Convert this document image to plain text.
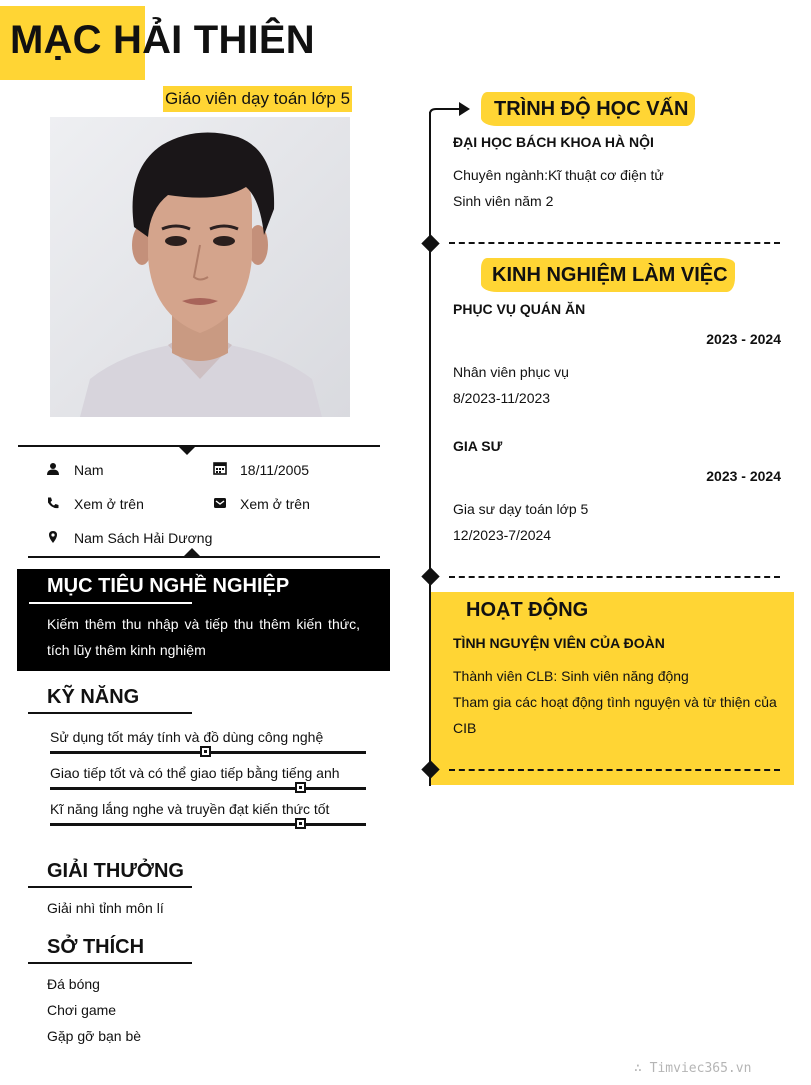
MẠC HẢI THIÊN
Giáo viên dạy toán lớp 5
Nam	18/11/2005
Xem ở trên	Xem ở trên
Nam Sách Hải Dương
MỤC TIÊU NGHỀ NGHIỆP
Kiếm thêm thu nhập và tiếp thu thêm kiến thức, tích lũy thêm kinh nghiệm
KỸ NĂNG
Sử dụng tốt máy tính và đồ dùng công nghệ
Giao tiếp tốt và có thể giao tiếp bằng tiếng anh
Kĩ năng lắng nghe và truyền đạt kiến thức tốt
GIẢI THƯỞNG
Giải nhì tỉnh môn lí
SỞ THÍCH
Đá bóng
Chơi game
Gặp gỡ bạn bè
TRÌNH ĐỘ HỌC VẤN
ĐẠI HỌC BÁCH KHOA HÀ NỘI
Chuyên ngành:Kĩ thuật cơ điện tử
Sinh viên năm 2
KINH NGHIỆM LÀM VIỆC
PHỤC VỤ QUÁN ĂN
2023 - 2024
Nhân viên phục vụ
8/2023-11/2023
GIA SƯ
2023 - 2024
Gia sư dạy toán lớp 5
12/2023-7/2024
HOẠT ĐỘNG
TÌNH NGUYỆN VIÊN CỦA ĐOÀN
Thành viên CLB: Sinh viên năng động
Tham gia các hoạt động tình nguyện và từ thiện của
CIB
∴ Timviec365.vn
